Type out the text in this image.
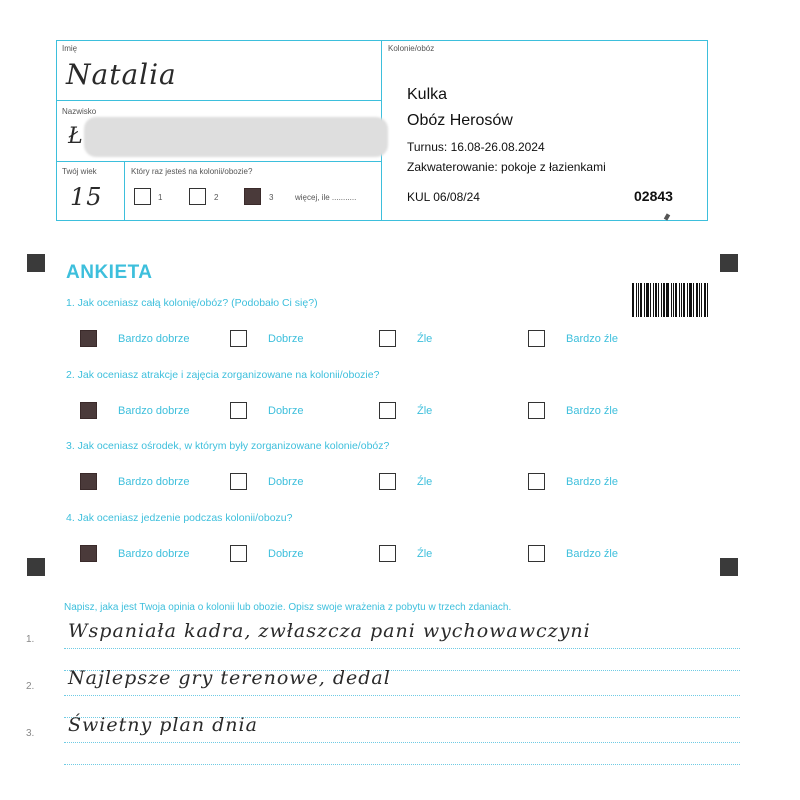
Imię
Natalia
Nazwisko
Ł
Twój wiek
15
Który raz jesteś na kolonii/obozie?
1	2	3	więcej, ile ...........
Kolonie/obóz
Kulka
Obóz Herosów
Turnus: 16.08-26.08.2024
Zakwaterowanie: pokoje z łazienkami
KUL 06/08/24	02843
ANKIETA
1. Jak oceniasz całą kolonię/obóz? (Podobało Ci się?)
Bardzo dobrze	Dobrze	Źle	Bardzo źle
2. Jak oceniasz atrakcje i zajęcia zorganizowane na kolonii/obozie?
Bardzo dobrze	Dobrze	Źle	Bardzo źle
3. Jak oceniasz ośrodek, w którym były zorganizowane kolonie/obóz?
Bardzo dobrze	Dobrze	Źle	Bardzo źle
4. Jak oceniasz jedzenie podczas kolonii/obozu?
Bardzo dobrze	Dobrze	Źle	Bardzo źle
Napisz, jaka jest Twoja opinia o kolonii lub obozie. Opisz swoje wrażenia z pobytu w trzech zdaniach.
1. Wspaniała kadra, zwłaszcza pani wychowawczyni
2. Najlepsze gry terenowe, dedal
3. Świetny plan dnia
